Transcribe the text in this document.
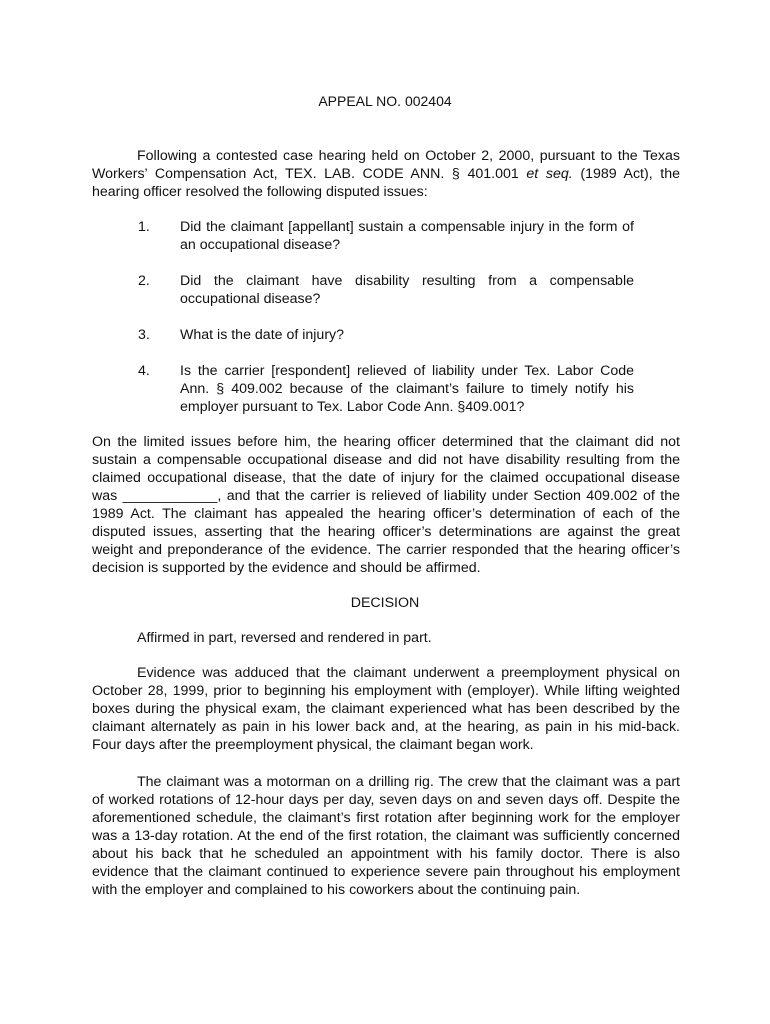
APPEAL NO. 002404
Following a contested case hearing held on October 2, 2000, pursuant to the Texas Workers’ Compensation Act, TEX. LAB. CODE ANN. § 401.001 et seq. (1989 Act), the hearing officer resolved the following disputed issues:
1. Did the claimant [appellant] sustain a compensable injury in the form of an occupational disease?
2. Did the claimant have disability resulting from a compensable occupational disease?
3. What is the date of injury?
4. Is the carrier [respondent] relieved of liability under Tex. Labor Code Ann. § 409.002 because of the claimant’s failure to timely notify his employer pursuant to Tex. Labor Code Ann. §409.001?
On the limited issues before him, the hearing officer determined that the claimant did not sustain a compensable occupational disease and did not have disability resulting from the claimed occupational disease, that the date of injury for the claimed occupational disease was ____________, and that the carrier is relieved of liability under Section 409.002 of the 1989 Act. The claimant has appealed the hearing officer’s determination of each of the disputed issues, asserting that the hearing officer’s determinations are against the great weight and preponderance of the evidence. The carrier responded that the hearing officer’s decision is supported by the evidence and should be affirmed.
DECISION
Affirmed in part, reversed and rendered in part.
Evidence was adduced that the claimant underwent a preemployment physical on October 28, 1999, prior to beginning his employment with (employer). While lifting weighted boxes during the physical exam, the claimant experienced what has been described by the claimant alternately as pain in his lower back and, at the hearing, as pain in his mid-back. Four days after the preemployment physical, the claimant began work.
The claimant was a motorman on a drilling rig. The crew that the claimant was a part of worked rotations of 12-hour days per day, seven days on and seven days off. Despite the aforementioned schedule, the claimant’s first rotation after beginning work for the employer was a 13-day rotation. At the end of the first rotation, the claimant was sufficiently concerned about his back that he scheduled an appointment with his family doctor. There is also evidence that the claimant continued to experience severe pain throughout his employment with the employer and complained to his coworkers about the continuing pain.
